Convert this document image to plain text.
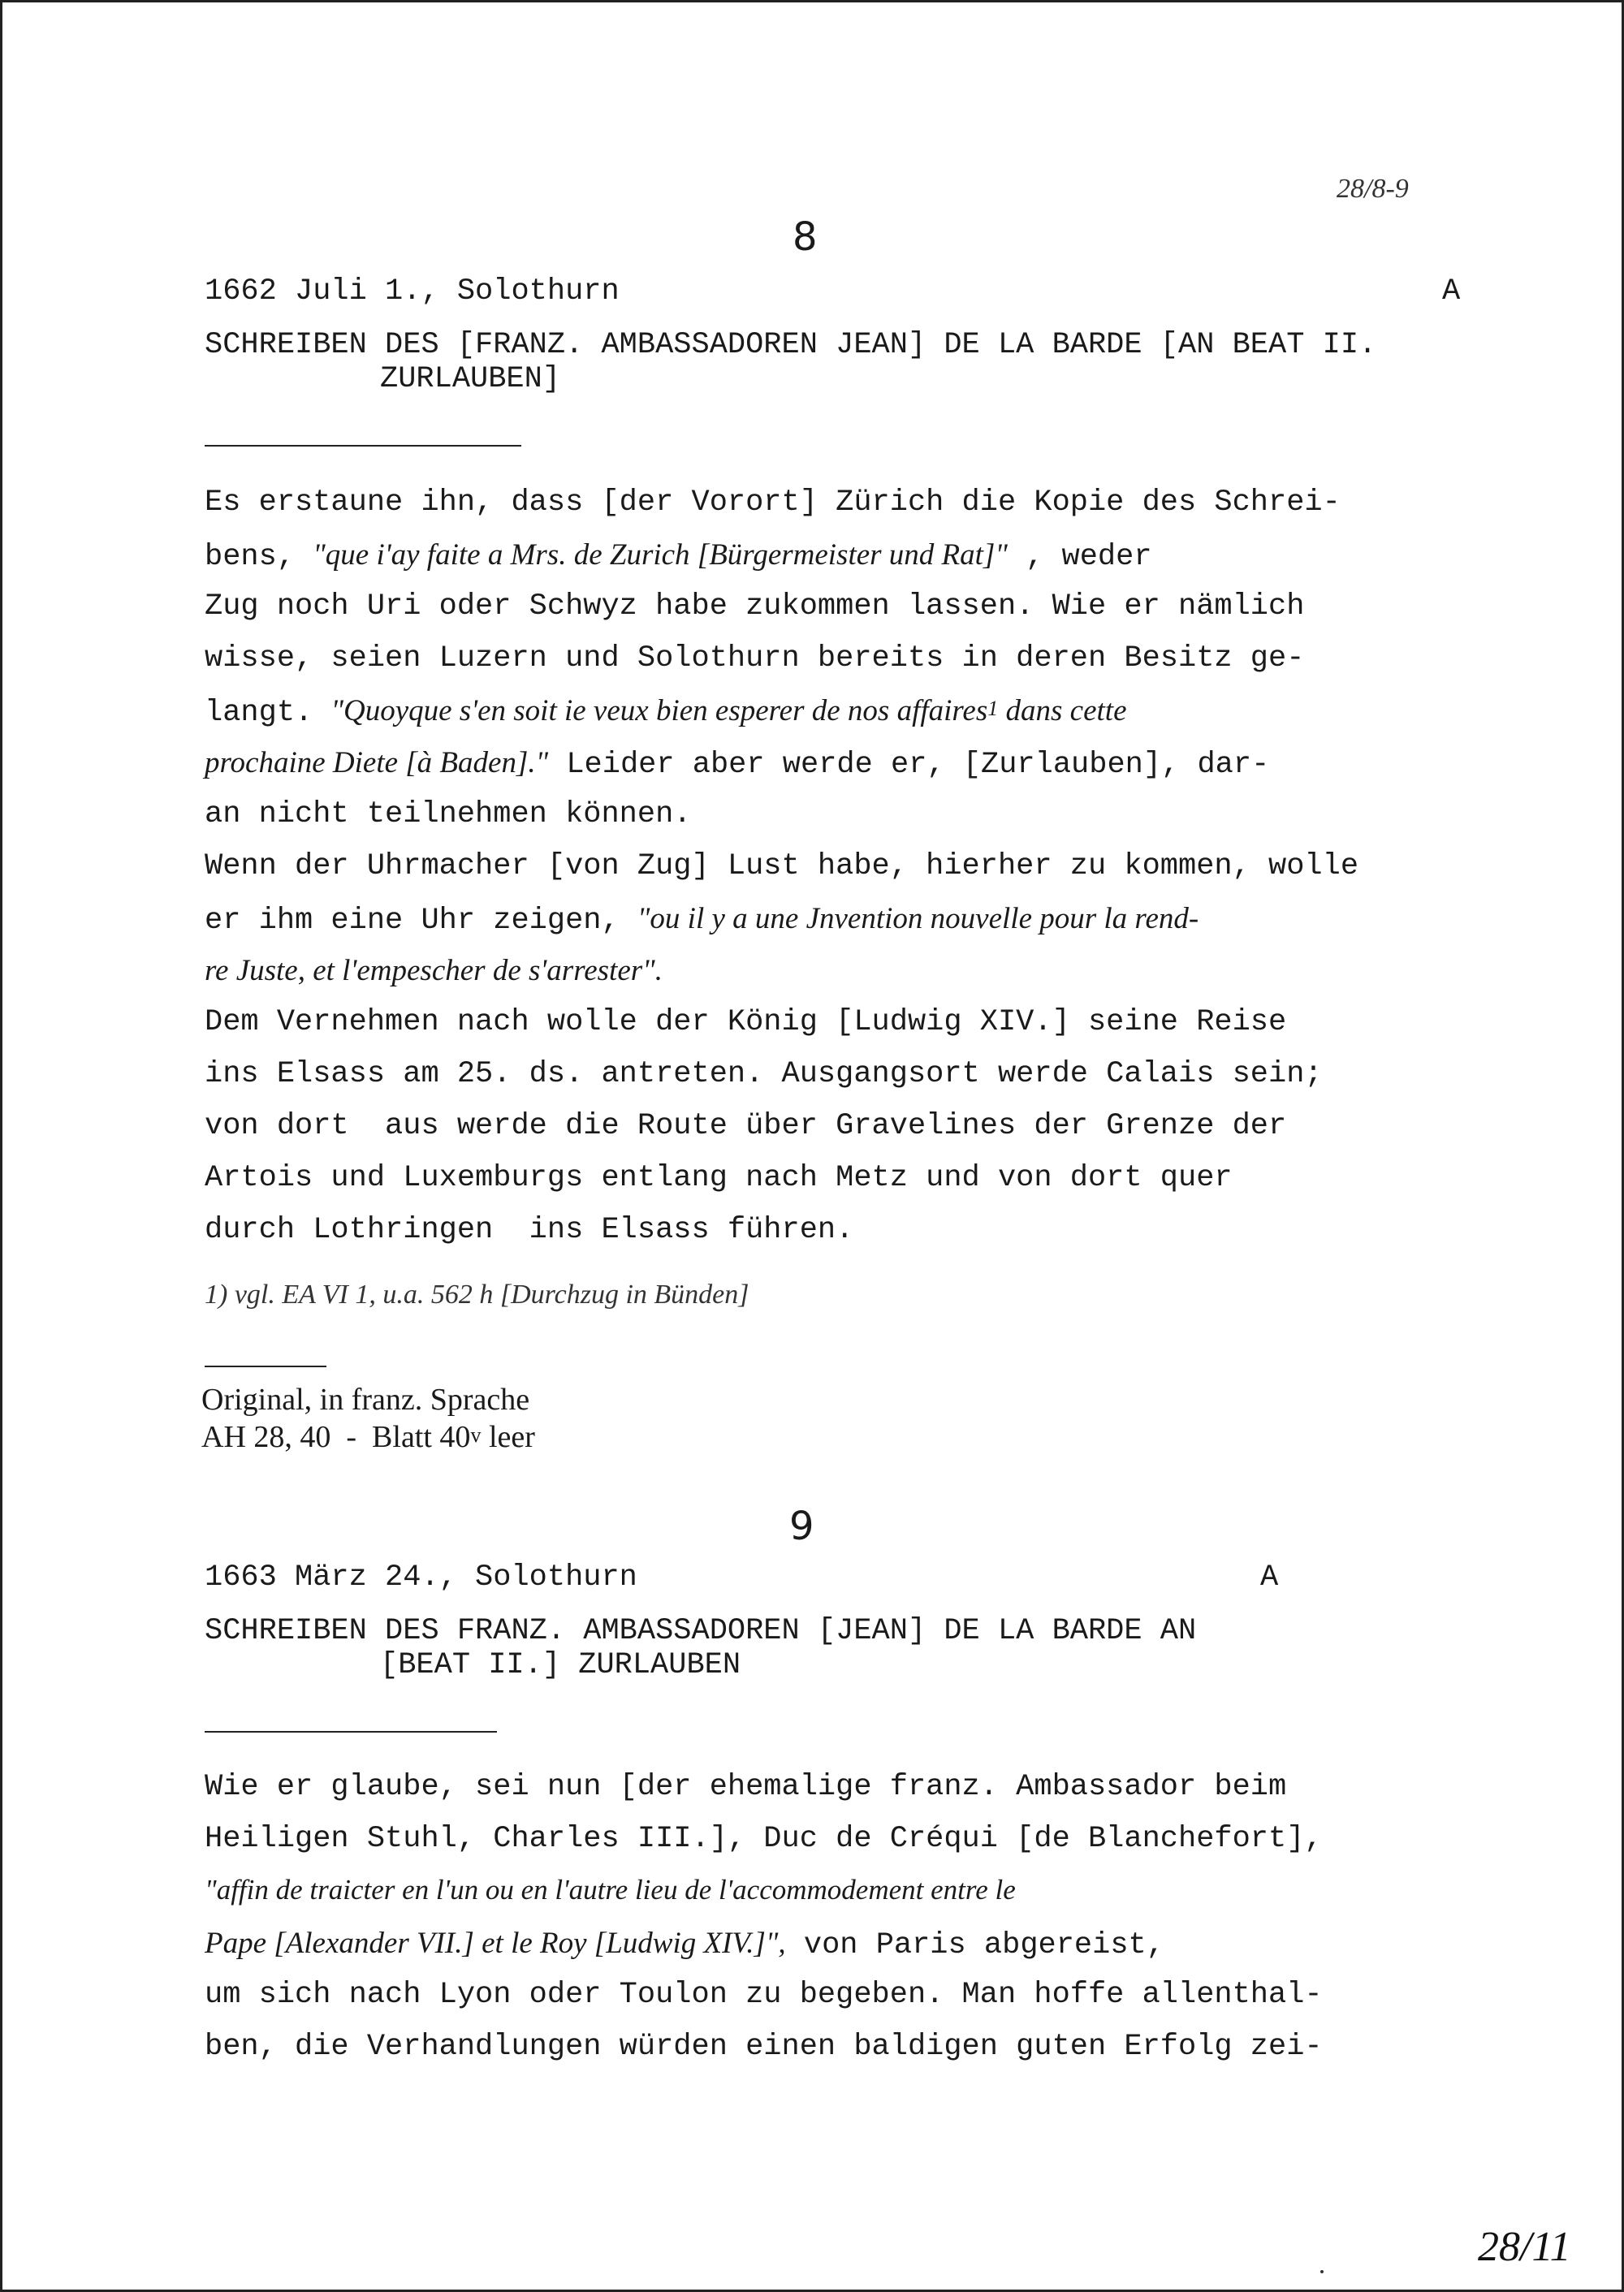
28/8-9
8
1662 Juli 1., Solothurn	A
SCHREIBEN DES [FRANZ. AMBASSADOREN JEAN] DE LA BARDE [AN BEAT II.
ZURLAUBEN]
Es erstaune ihn, dass [der Vorort] Zürich die Kopie des Schrei-
bens, "que i'ay faite a Mrs. de Zurich [Bürgermeister und Rat]" , weder
Zug noch Uri oder Schwyz habe zukommen lassen. Wie er nämlich
wisse, seien Luzern und Solothurn bereits in deren Besitz ge-
langt. "Quoyque s'en soit ie veux bien esperer de nos affaires$^1$ dans cette
prochaine Diete [à Baden]." Leider aber werde er, [Zurlauben], dar-
an nicht teilnehmen können.
Wenn der Uhrmacher [von Zug] Lust habe, hierher zu kommen, wolle
er ihm eine Uhr zeigen, "ou il y a une Jnvention nouvelle pour la rend-
re Juste, et l'empescher de s'arrester".
Dem Vernehmen nach wolle der König [Ludwig XIV.] seine Reise
ins Elsass am 25. ds. antreten. Ausgangsort werde Calais sein;
von dort  aus werde die Route über Gravelines der Grenze der
Artois und Luxemburgs entlang nach Metz und von dort quer
durch Lothringen  ins Elsass führen.
1) vgl. EA VI 1, u.a. 562 h [Durchzug in Bünden]
Original, in franz. Sprache
AH 28, 40  -  Blatt 40$^v$ leer
9
1663 März 24., Solothurn	A
SCHREIBEN DES FRANZ. AMBASSADOREN [JEAN] DE LA BARDE AN
[BEAT II.] ZURLAUBEN
Wie er glaube, sei nun [der ehemalige franz. Ambassador beim
Heiligen Stuhl, Charles III.], Duc de Créqui [de Blanchefort],
"affin de traicter en l'un ou en l'autre lieu de l'accommodement entre le
Pape [Alexander VII.] et le Roy [Ludwig XIV.]", von Paris abgereist,
um sich nach Lyon oder Toulon zu begeben. Man hoffe allenthal-
ben, die Verhandlungen würden einen baldigen guten Erfolg zei-
28/11
